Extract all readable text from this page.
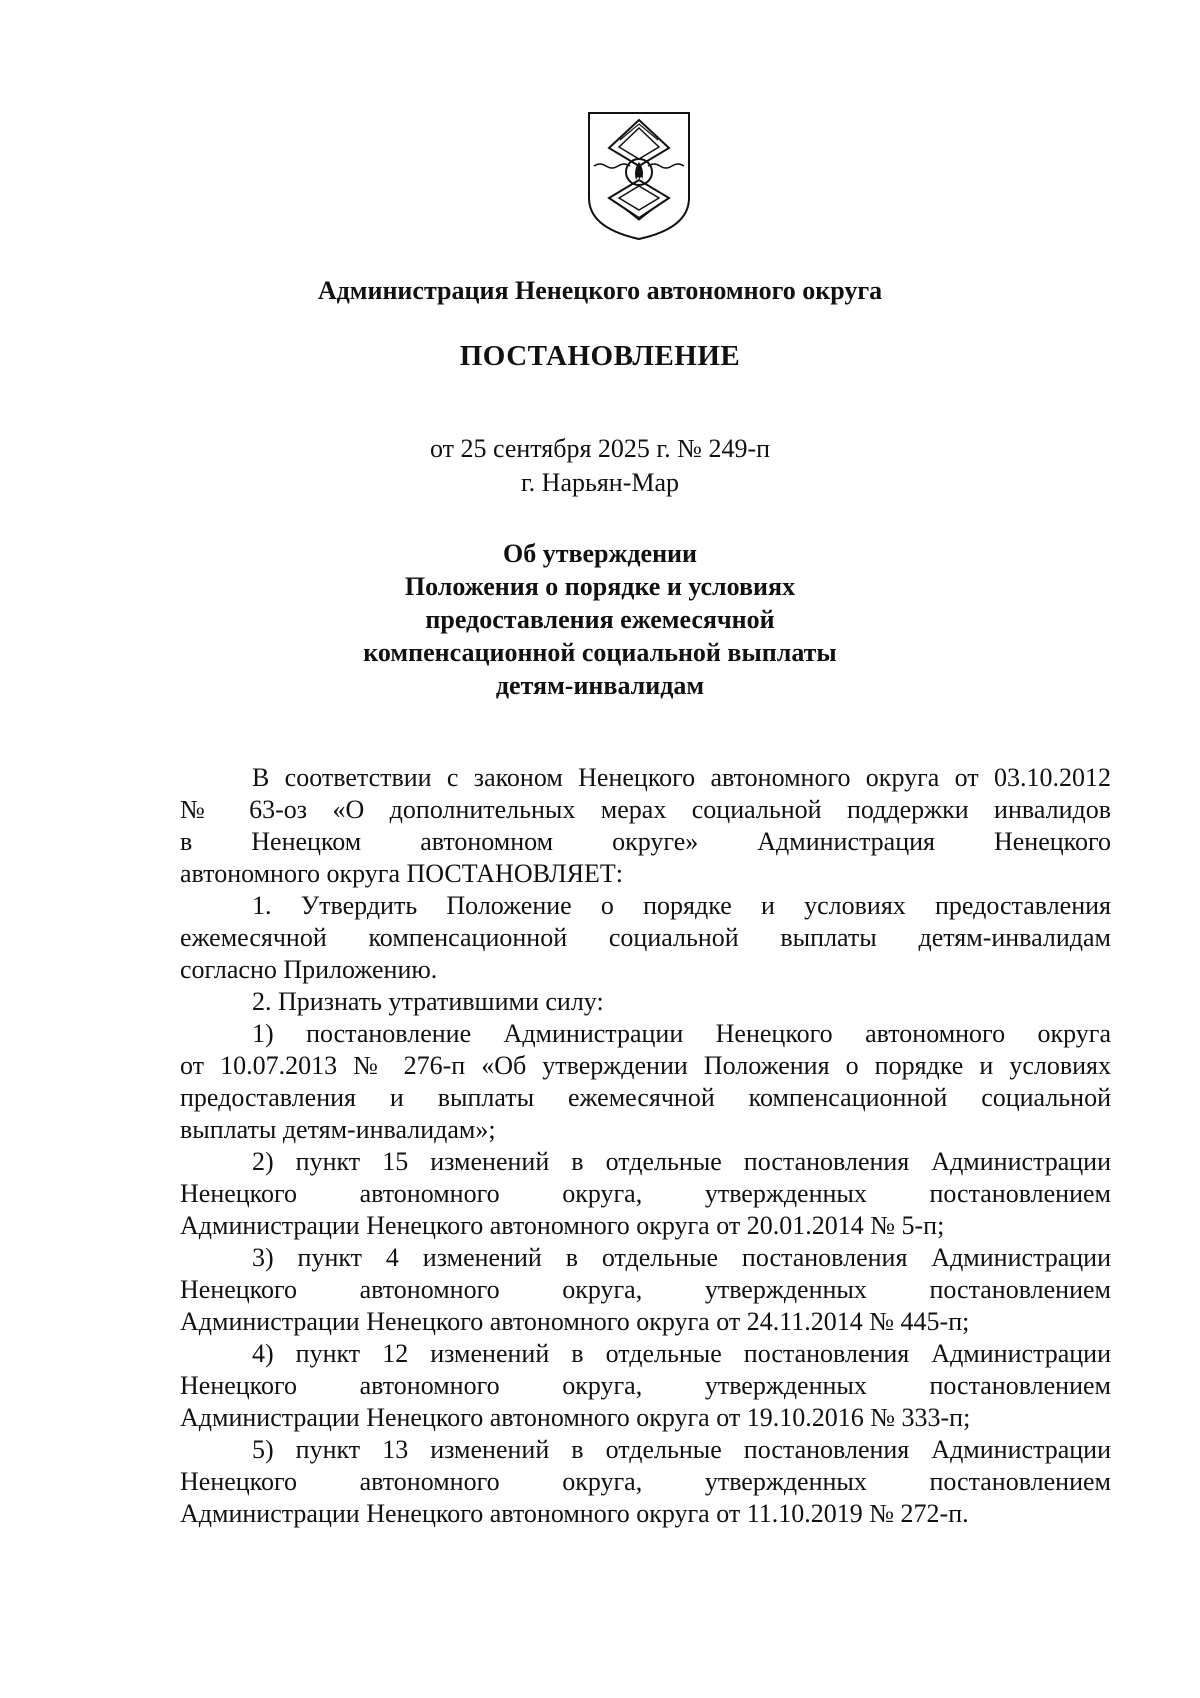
Администрация Ненецкого автономного округа
ПОСТАНОВЛЕНИЕ
от 25 сентября 2025 г. № 249-п
г. Нарьян-Мар
Об утверждении
Положения о порядке и условиях
предоставления ежемесячной
компенсационной социальной выплаты
детям-инвалидам
В соответствии с законом Ненецкого автономного округа от 03.10.2012
№ 63-оз «О дополнительных мерах социальной поддержки инвалидов
в Ненецком автономном округе» Администрация Ненецкого
автономного округа ПОСТАНОВЛЯЕТ:
1. Утвердить Положение о порядке и условиях предоставления
ежемесячной компенсационной социальной выплаты детям-инвалидам
согласно Приложению.
2. Признать утратившими силу:
1) постановление Администрации Ненецкого автономного округа
от 10.07.2013 № 276-п «Об утверждении Положения о порядке и условиях
предоставления и выплаты ежемесячной компенсационной социальной
выплаты детям-инвалидам»;
2) пункт 15 изменений в отдельные постановления Администрации
Ненецкого автономного округа, утвержденных постановлением
Администрации Ненецкого автономного округа от 20.01.2014 № 5-п;
3) пункт 4 изменений в отдельные постановления Администрации
Ненецкого автономного округа, утвержденных постановлением
Администрации Ненецкого автономного округа от 24.11.2014 № 445-п;
4) пункт 12 изменений в отдельные постановления Администрации
Ненецкого автономного округа, утвержденных постановлением
Администрации Ненецкого автономного округа от 19.10.2016 № 333-п;
5) пункт 13 изменений в отдельные постановления Администрации
Ненецкого автономного округа, утвержденных постановлением
Администрации Ненецкого автономного округа от 11.10.2019 № 272-п.
